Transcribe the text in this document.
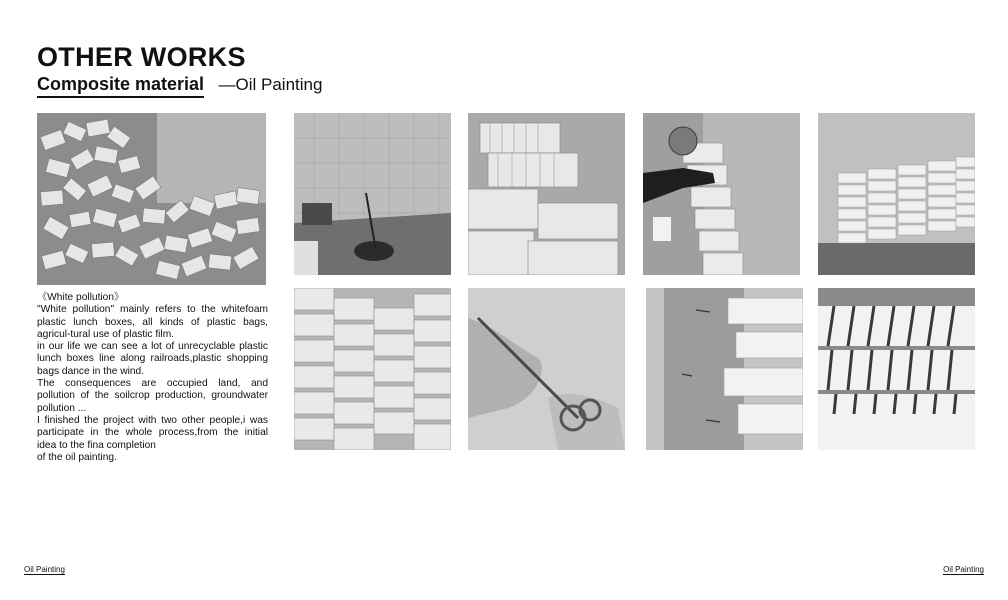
OTHER WORKS
Composite material —Oil Painting

《White pollution》

"White pollution" mainly refers to the whitefoam plastic lunch boxes, all kinds of plastic bags, agricul-tural use of plastic film.

in our life we can see a lot of unrecyclable plastic lunch boxes line along railroads,plastic shopping bags dance in the wind.

The consequences are occupied land, and pollution of the soilcrop production, groundwater pollution ...

I finished the project with two other people,i was participate in the whole process,from the initial idea to the fina completion

of the oil painting.

Oil Painting	Oil Painting
